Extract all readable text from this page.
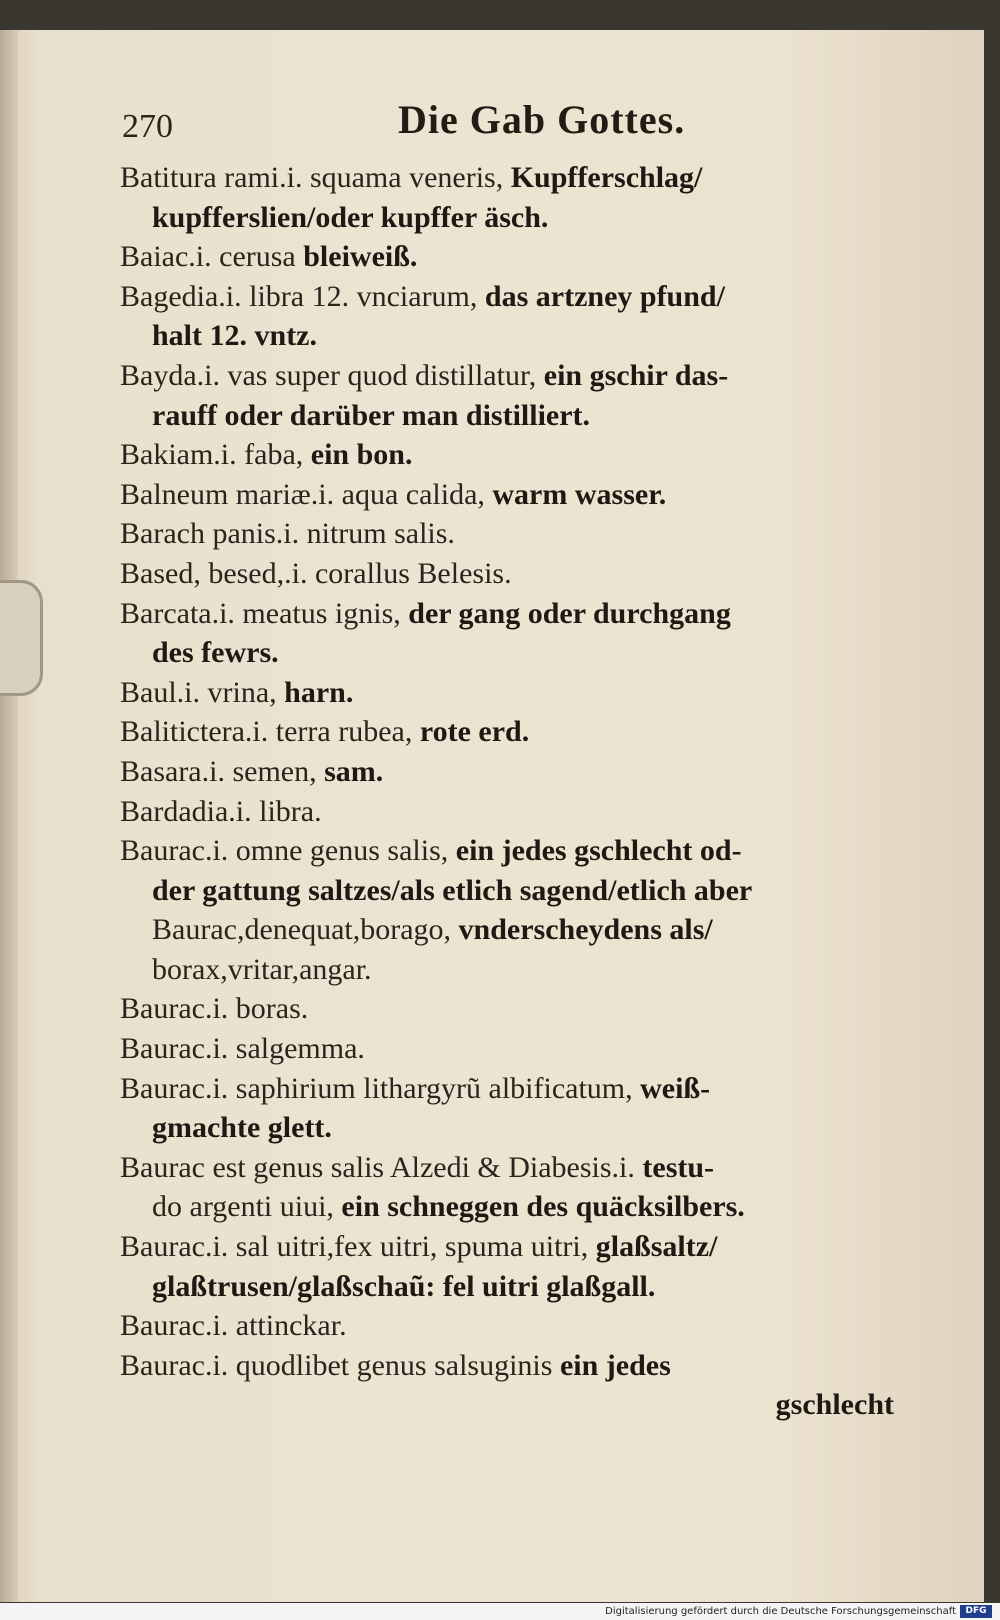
270	Die Gab Gottes.
Batitura rami.i. squama veneris, Kupfferschlag/
kupfferslien/oder kupffer äsch.
Baiac.i. cerusa bleiweiß.
Bagedia.i. libra 12. vnciarum, das artzney pfund/
halt 12. vntz.
Bayda.i. vas super quod distillatur, ein gschir das-
rauff oder darüber man distilliert.
Bakiam.i. faba, ein bon.
Balneum mariæ.i. aqua calida, warm wasser.
Barach panis.i. nitrum salis.
Based, besed,.i. corallus Belesis.
Barcata.i. meatus ignis, der gang oder durchgang
des fewrs.
Baul.i. vrina, harn.
Balitictera.i. terra rubea, rote erd.
Basara.i. semen, sam.
Bardadia.i. libra.
Baurac.i. omne genus salis, ein jedes gschlecht od-
der gattung saltzes/als etlich sagend/etlich aber
Baurac,denequat,borago, vnderscheydens als/
borax,vritar,angar.
Baurac.i. boras.
Baurac.i. salgemma.
Baurac.i. saphirium lithargyrũ albificatum, weiß-
gmachte glett.
Baurac est genus salis Alzedi & Diabesis.i. testu-
do argenti uiui, ein schneggen des quäcksilbers.
Baurac.i. sal uitri,fex uitri, spuma uitri, glaßsaltz/
glaßtrusen/glaßschaũ: fel uitri glaßgall.
Baurac.i. attinckar.
Baurac.i. quodlibet genus salsuginis ein jedes
gschlecht
Digitalisierung gefördert durch die Deutsche Forschungsgemeinschaft	DFG
